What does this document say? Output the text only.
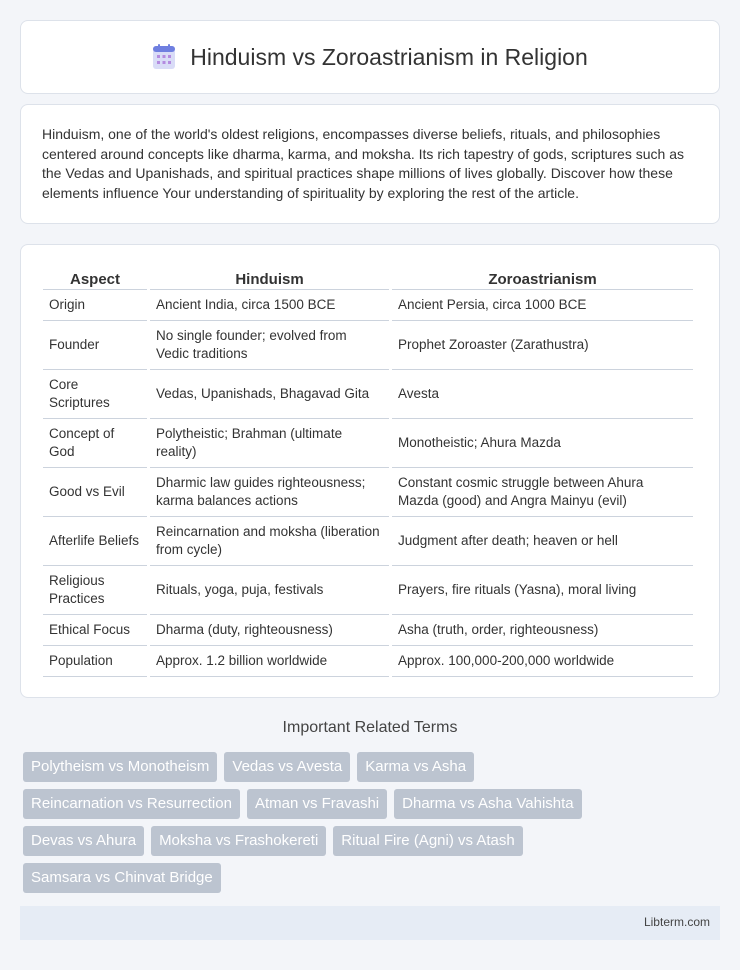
Hinduism vs Zoroastrianism in Religion

Hinduism, one of the world's oldest religions, encompasses diverse beliefs, rituals, and philosophies centered around concepts like dharma, karma, and moksha. Its rich tapestry of gods, scriptures such as the Vedas and Upanishads, and spiritual practices shape millions of lives globally. Discover how these elements influence Your understanding of spirituality by exploring the rest of the article.

Aspect	Hinduism	Zoroastrianism
Origin	Ancient India, circa 1500 BCE	Ancient Persia, circa 1000 BCE
Founder	No single founder; evolved from Vedic traditions	Prophet Zoroaster (Zarathustra)
Core Scriptures	Vedas, Upanishads, Bhagavad Gita	Avesta
Concept of God	Polytheistic; Brahman (ultimate reality)	Monotheistic; Ahura Mazda
Good vs Evil	Dharmic law guides righteousness; karma balances actions	Constant cosmic struggle between Ahura Mazda (good) and Angra Mainyu (evil)
Afterlife Beliefs	Reincarnation and moksha (liberation from cycle)	Judgment after death; heaven or hell
Religious Practices	Rituals, yoga, puja, festivals	Prayers, fire rituals (Yasna), moral living
Ethical Focus	Dharma (duty, righteousness)	Asha (truth, order, righteousness)
Population	Approx. 1.2 billion worldwide	Approx. 100,000-200,000 worldwide
Important Related Terms
Polytheism vs Monotheism	Vedas vs Avesta	Karma vs Asha
Reincarnation vs Resurrection	Atman vs Fravashi	Dharma vs Asha Vahishta
Devas vs Ahura	Moksha vs Frashokereti	Ritual Fire (Agni) vs Atash
Samsara vs Chinvat Bridge
Libterm.com
